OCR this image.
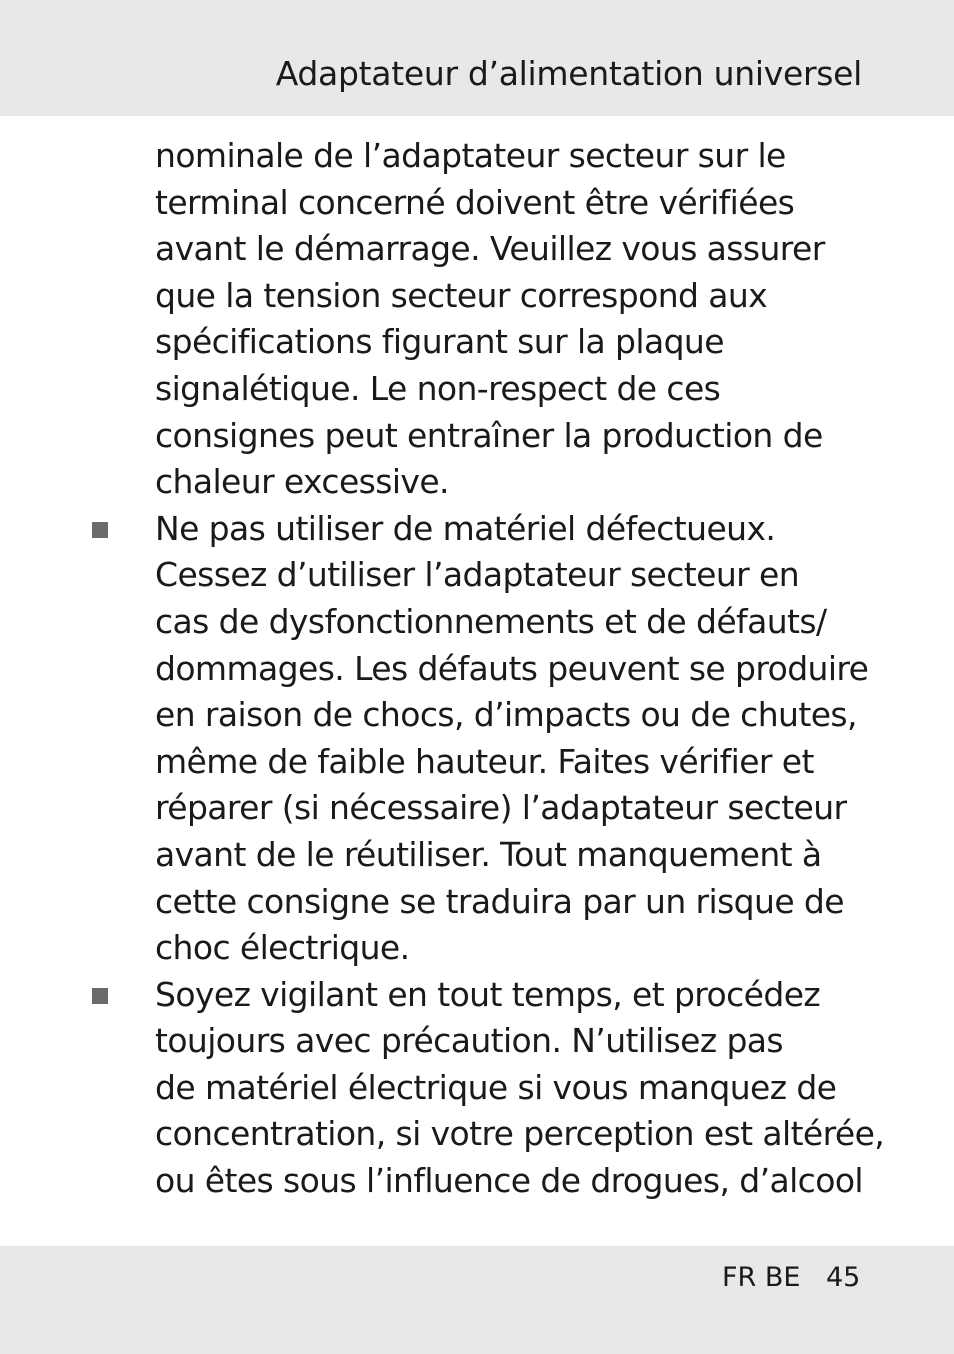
Adaptateur d’alimentation universel
nominale de l’adaptateur secteur sur le
terminal concerné doivent être vérifiées
avant le démarrage. Veuillez vous assurer
que la tension secteur correspond aux
spécifications figurant sur la plaque
signalétique. Le non-respect de ces
consignes peut entraîner la production de
chaleur excessive.
Ne pas utiliser de matériel défectueux.
Cessez d’utiliser l’adaptateur secteur en
cas de dysfonctionnements et de défauts/
dommages. Les défauts peuvent se produire
en raison de chocs, d’impacts ou de chutes,
même de faible hauteur. Faites vérifier et
réparer (si nécessaire) l’adaptateur secteur
avant de le réutiliser. Tout manquement à
cette consigne se traduira par un risque de
choc électrique.
Soyez vigilant en tout temps, et procédez
toujours avec précaution. N’utilisez pas
de matériel électrique si vous manquez de
concentration, si votre perception est altérée,
ou êtes sous l’influence de drogues, d’alcool
FR BE 45
